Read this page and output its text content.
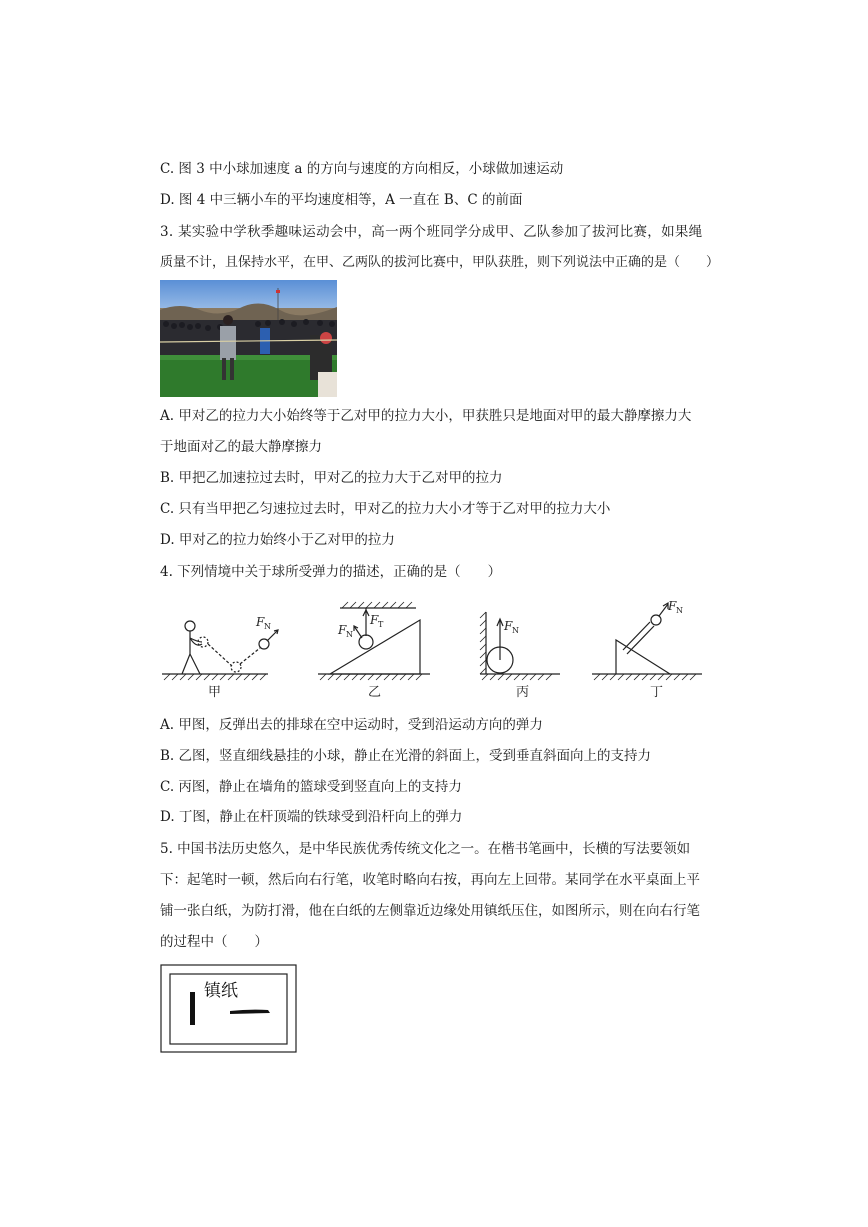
C. 图 3 中小球加速度 a 的方向与速度的方向相反，小球做加速运动
D. 图 4 中三辆小车的平均速度相等，A 一直在 B、C 的前面
3. 某实验中学秋季趣味运动会中，高一两个班同学分成甲、乙队参加了拔河比赛，如果绳
质量不计，且保持水平，在甲、乙两队的拔河比赛中，甲队获胜，则下列说法中正确的是（　　）
A. 甲对乙的拉力大小始终等于乙对甲的拉力大小，甲获胜只是地面对甲的最大静摩擦力大
于地面对乙的最大静摩擦力
B. 甲把乙加速拉过去时，甲对乙的拉力大于乙对甲的拉力
C. 只有当甲把乙匀速拉过去时，甲对乙的拉力大小才等于乙对甲的拉力大小
D. 甲对乙的拉力始终小于乙对甲的拉力
4. 下列情境中关于球所受弹力的描述，正确的是（　　）
F N
甲
F N
F T
乙
F N
丙
F N
丁
A. 甲图，反弹出去的排球在空中运动时，受到沿运动方向的弹力
B. 乙图，竖直细线悬挂的小球，静止在光滑的斜面上，受到垂直斜面向上的支持力
C. 丙图，静止在墙角的篮球受到竖直向上的支持力
D. 丁图，静止在杆顶端的铁球受到沿杆向上的弹力
5. 中国书法历史悠久，是中华民族优秀传统文化之一。在楷书笔画中，长横的写法要领如
下：起笔时一顿，然后向右行笔，收笔时略向右按，再向左上回带。某同学在水平桌面上平
铺一张白纸，为防打滑，他在白纸的左侧靠近边缘处用镇纸压住，如图所示，则在向右行笔
的过程中（　　）
镇纸
